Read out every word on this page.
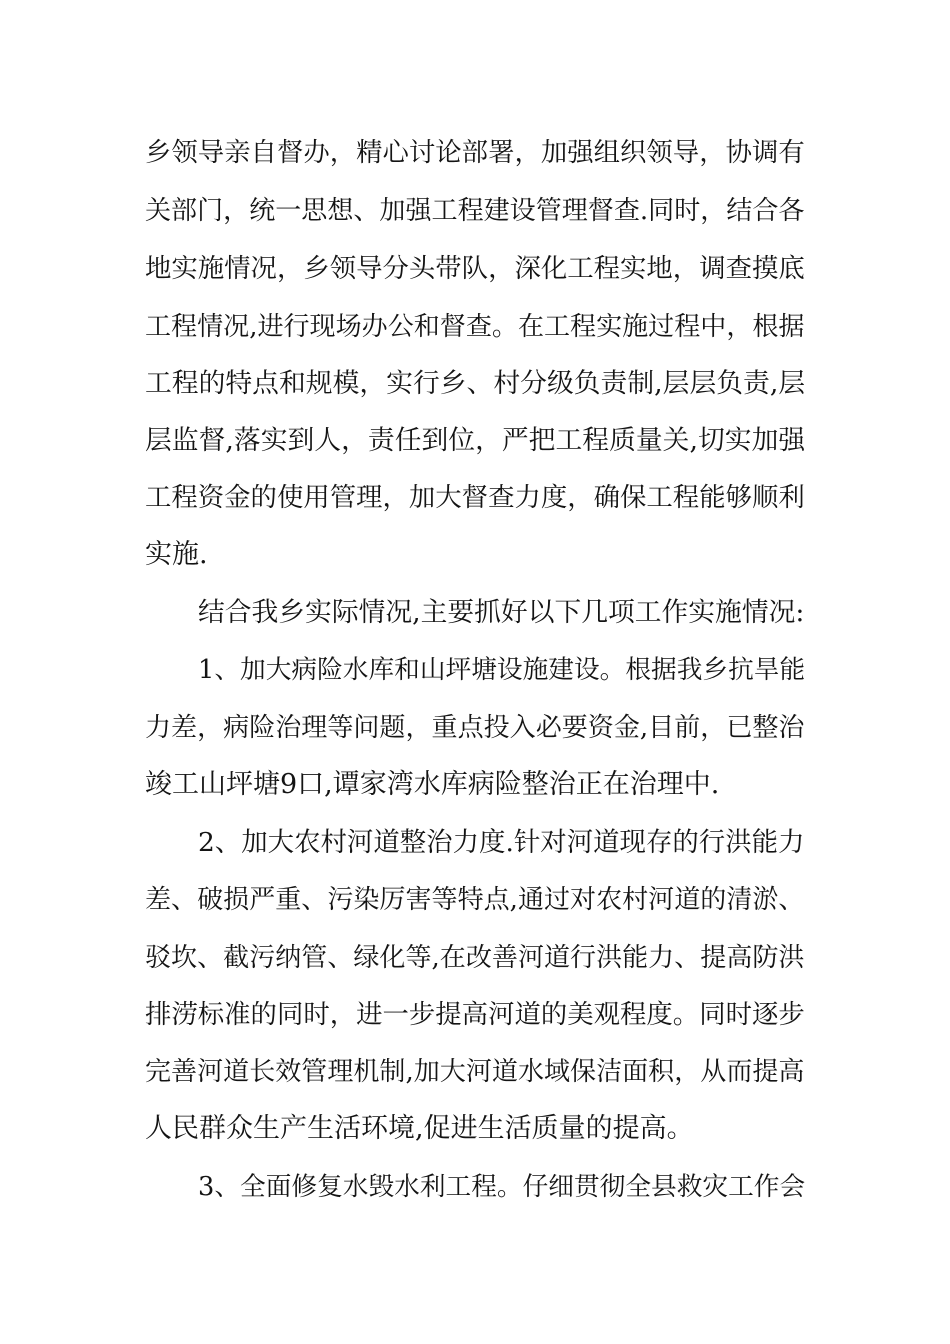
乡领导亲自督办，精心讨论部署，加强组织领导，协调有
关部门，统一思想、加强工程建设管理督查.同时，结合各
地实施情况，乡领导分头带队，深化工程实地，调查摸底
工程情况,进行现场办公和督查。在工程实施过程中，根据
工程的特点和规模，实行乡、村分级负责制,层层负责,层
层监督,落实到人，责任到位，严把工程质量关,切实加强
工程资金的使用管理，加大督查力度，确保工程能够顺利
实施.
结合我乡实际情况,主要抓好以下几项工作实施情况:
1、加大病险水库和山坪塘设施建设。根据我乡抗旱能
力差，病险治理等问题，重点投入必要资金,目前，已整治
竣工山坪塘9口,谭家湾水库病险整治正在治理中.
2、加大农村河道整治力度.针对河道现存的行洪能力
差、破损严重、污染厉害等特点,通过对农村河道的清淤、
驳坎、截污纳管、绿化等,在改善河道行洪能力、提高防洪
排涝标准的同时，进一步提高河道的美观程度。同时逐步
完善河道长效管理机制,加大河道水域保洁面积，从而提高
人民群众生产生活环境,促进生活质量的提高。
3、全面修复水毁水利工程。仔细贯彻全县救灾工作会
